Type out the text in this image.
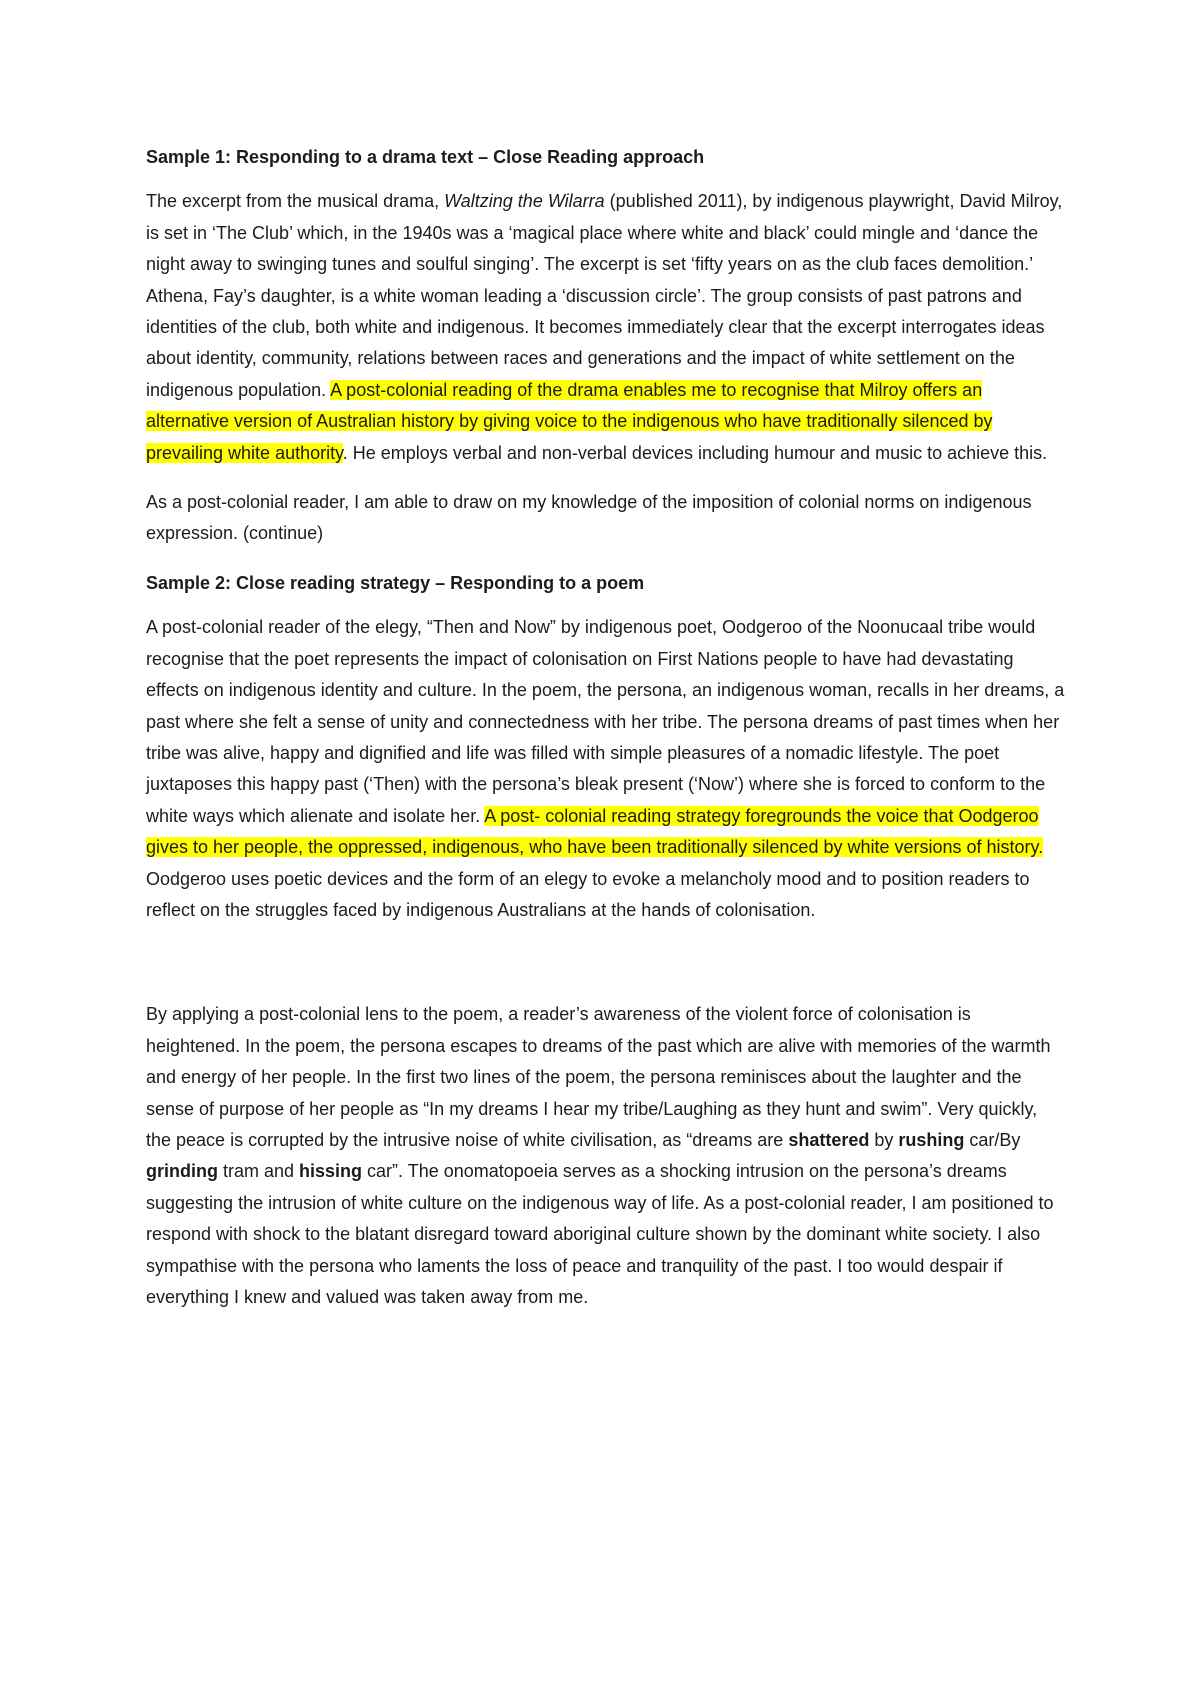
Sample 1: Responding to a drama text – Close Reading approach

The excerpt from the musical drama, Waltzing the Wilarra (published 2011), by indigenous playwright, David Milroy, is set in ‘The Club’ which, in the 1940s was a ‘magical place where white and black’ could mingle and ‘dance the night away to swinging tunes and soulful singing’. The excerpt is set ‘fifty years on as the club faces demolition.’ Athena, Fay’s daughter, is a white woman leading a ‘discussion circle’. The group consists of past patrons and identities of the club, both white and indigenous. It becomes immediately clear that the excerpt interrogates ideas about identity, community, relations between races and generations and the impact of white settlement on the indigenous population. A post-colonial reading of the drama enables me to recognise that Milroy offers an alternative version of Australian history by giving voice to the indigenous who have traditionally silenced by prevailing white authority. He employs verbal and non-verbal devices including humour and music to achieve this.

As a post-colonial reader, I am able to draw on my knowledge of the imposition of colonial norms on indigenous expression. (continue)

Sample 2: Close reading strategy – Responding to a poem

A post-colonial reader of the elegy, “Then and Now” by indigenous poet, Oodgeroo of the Noonucaal tribe would recognise that the poet represents the impact of colonisation on First Nations people to have had devastating effects on indigenous identity and culture. In the poem, the persona, an indigenous woman, recalls in her dreams, a past where she felt a sense of unity and connectedness with her tribe. The persona dreams of past times when her tribe was alive, happy and dignified and life was filled with simple pleasures of a nomadic lifestyle. The poet juxtaposes this happy past (‘Then) with the persona’s bleak present (‘Now’) where she is forced to conform to the white ways which alienate and isolate her. A post- colonial reading strategy foregrounds the voice that Oodgeroo gives to her people, the oppressed, indigenous, who have been traditionally silenced by white versions of history. Oodgeroo uses poetic devices and the form of an elegy to evoke a melancholy mood and to position readers to reflect on the struggles faced by indigenous Australians at the hands of colonisation.

By applying a post-colonial lens to the poem, a reader’s awareness of the violent force of colonisation is heightened. In the poem, the persona escapes to dreams of the past which are alive with memories of the warmth and energy of her people. In the first two lines of the poem, the persona reminisces about the laughter and the sense of purpose of her people as “In my dreams I hear my tribe/Laughing as they hunt and swim”. Very quickly, the peace is corrupted by the intrusive noise of white civilisation, as “dreams are shattered by rushing car/By grinding tram and hissing car”. The onomatopoeia serves as a shocking intrusion on the persona’s dreams suggesting the intrusion of white culture on the indigenous way of life. As a post-colonial reader, I am positioned to respond with shock to the blatant disregard toward aboriginal culture shown by the dominant white society. I also sympathise with the persona who laments the loss of peace and tranquility of the past. I too would despair if everything I knew and valued was taken away from me.
